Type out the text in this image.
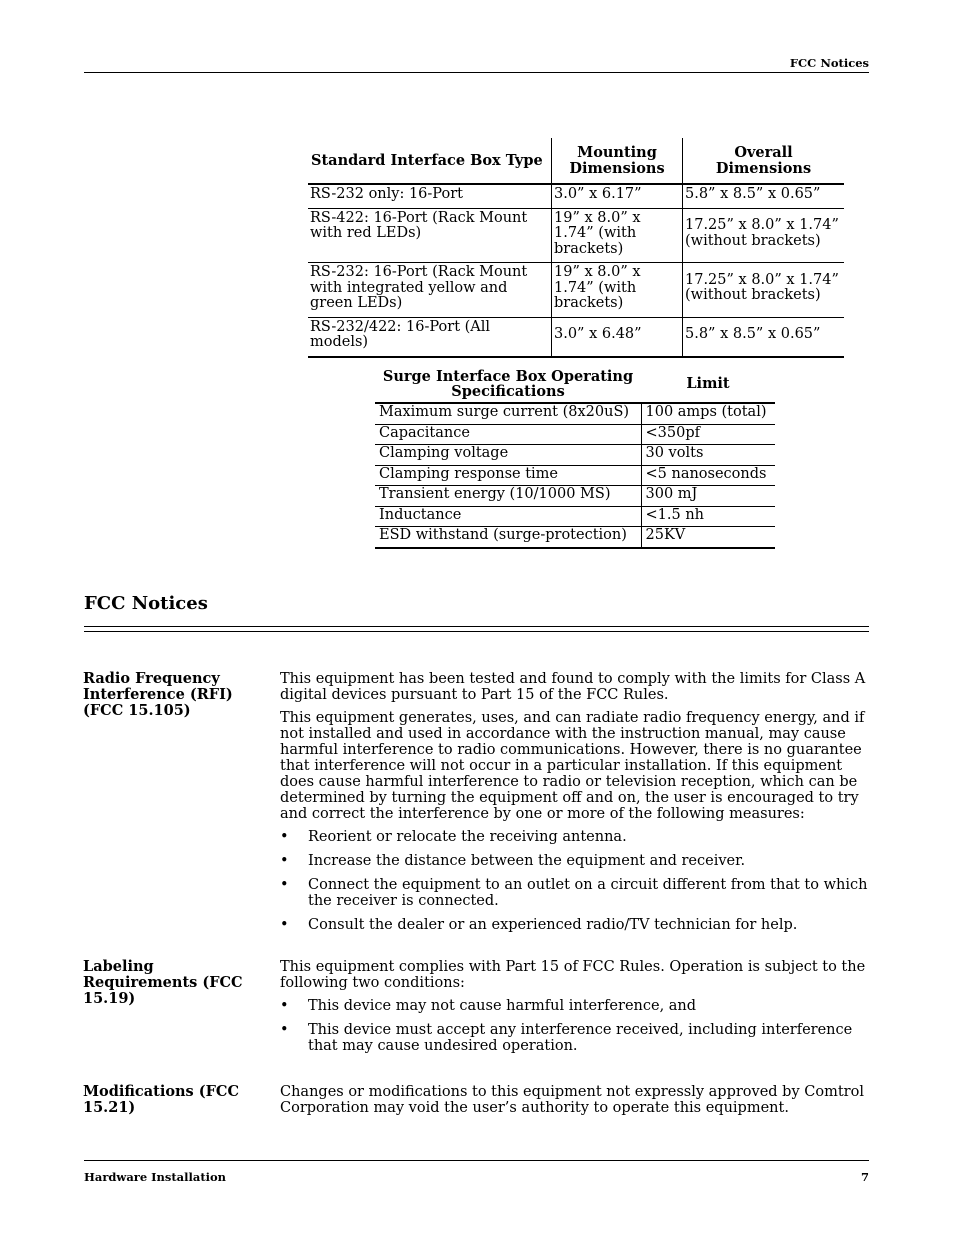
FCC Notices
Standard Interface Box Type	Mounting Dimensions	Overall Dimensions
RS-232 only: 16-Port	3.0” x 6.17”	5.8” x 8.5” x 0.65”
RS-422: 16-Port (Rack Mount with red LEDs)	19” x 8.0” x 1.74” (with brackets)	17.25” x 8.0” x 1.74” (without brackets)
RS-232: 16-Port (Rack Mount with integrated yellow and green LEDs)	19” x 8.0” x 1.74” (with brackets)	17.25” x 8.0” x 1.74” (without brackets)
RS-232/422: 16-Port (All models)	3.0” x 6.48”	5.8” x 8.5” x 0.65”
Surge Interface Box Operating Specifications	Limit
Maximum surge current (8x20uS)	100 amps (total)
Capacitance	<350pf
Clamping voltage	30 volts
Clamping response time	<5 nanoseconds
Transient energy (10/1000 MS)	300 mJ
Inductance	<1.5 nh
ESD withstand (surge-protection)	25KV
FCC Notices
Radio Frequency Interference (RFI) (FCC 15.105)

This equipment has been tested and found to comply with the limits for Class A digital devices pursuant to Part 15 of the FCC Rules.

This equipment generates, uses, and can radiate radio frequency energy, and if not installed and used in accordance with the instruction manual, may cause harmful interference to radio communications. However, there is no guarantee that interference will not occur in a particular installation. If this equipment does cause harmful interference to radio or television reception, which can be determined by turning the equipment off and on, the user is encouraged to try and correct the interference by one or more of the following measures:

• Reorient or relocate the receiving antenna.
• Increase the distance between the equipment and receiver.
• Connect the equipment to an outlet on a circuit different from that to which the receiver is connected.
• Consult the dealer or an experienced radio/TV technician for help.
Labeling Requirements (FCC 15.19)

This equipment complies with Part 15 of FCC Rules. Operation is subject to the following two conditions:

• This device may not cause harmful interference, and
• This device must accept any interference received, including interference that may cause undesired operation.
Modifications (FCC 15.21)

Changes or modifications to this equipment not expressly approved by Comtrol Corporation may void the user’s authority to operate this equipment.

Hardware Installation	7
